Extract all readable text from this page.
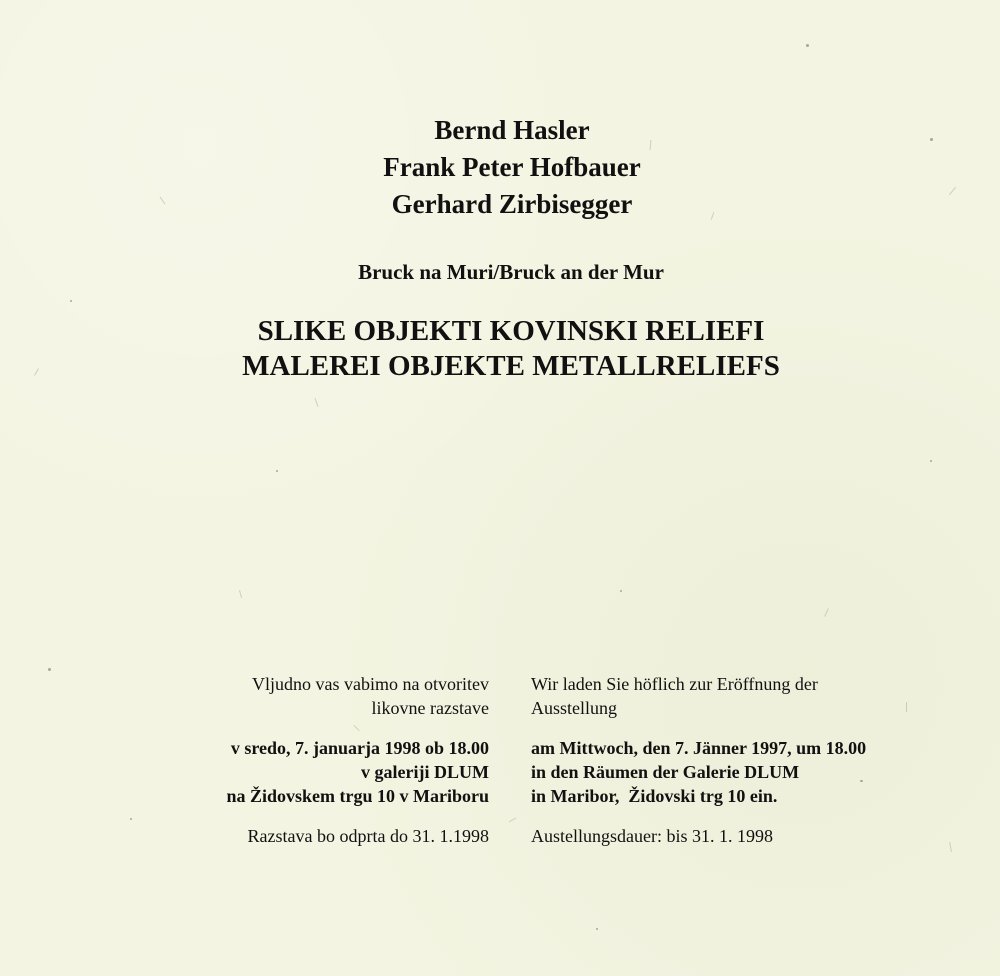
Bernd Hasler
Frank Peter Hofbauer
Gerhard Zirbisegger
Bruck na Muri/Bruck an der Mur
SLIKE OBJEKTI KOVINSKI RELIEFI
MALEREI OBJEKTE METALLRELIEFS
Vljudno vas vabimo na otvoritev
likovne razstave
v sredo, 7. januarja 1998 ob 18.00
v galeriji DLUM
na Židovskem trgu 10 v Mariboru
Razstava bo odprta do 31. 1.1998
Wir laden Sie höflich zur Eröffnung der
Ausstellung
am Mittwoch, den 7. Jänner 1997, um 18.00
in den Räumen der Galerie DLUM
in Maribor,  Židovski trg 10 ein.
Austellungsdauer: bis 31. 1. 1998
